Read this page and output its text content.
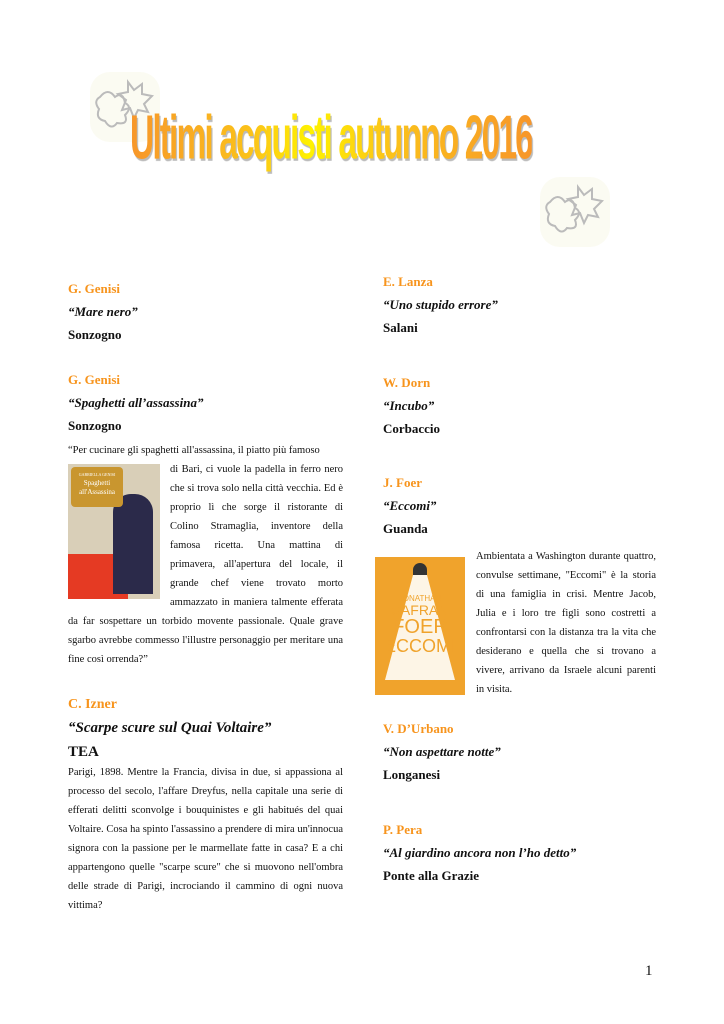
Ultimi acquisti autunno 2016
G. Genisi
“Mare nero”
Sonzogno
G. Genisi
“Spaghetti all’assassina”
Sonzogno
“Per cucinare gli spaghetti all'assassina, il piatto più famoso
GABRIELLA GENISI
Spaghetti all'Assassina
di Bari, ci vuole la padella in ferro nero che si trova solo nella città vecchia. Ed è proprio lì che sorge il ristorante di Colino Stramaglia, inventore della famosa ricetta. Una mattina di primavera, all'apertura del locale, il grande chef viene trovato morto ammazzato in maniera talmente efferata da far sospettare un torbido movente passionale. Quale grave sgarbo avrebbe commesso l'illustre personaggio per meritare una fine così orrenda?”
C. Izner
“Scarpe scure sul Quai Voltaire”
TEA
Parigi, 1898. Mentre la Francia, divisa in due, si appassiona al processo del secolo, l'affare Dreyfus, nella capitale una serie di efferati delitti sconvolge i bouquinistes e gli habitués del quai Voltaire. Cosa ha spinto l'assassino a prendere di mira un'innocua signora con la passione per le marmellate fatte in casa? E a chi appartengono quelle "scarpe scure" che si muovono nell'ombra delle strade di Parigi, incrociando il cammino di ogni nuova vittima?
E. Lanza
“Uno stupido errore”
Salani
W. Dorn
“Incubo”
Corbaccio
J. Foer
“Eccomi”
Guanda
JONATHAN
SAFRAN
FOER
ECCOMI
Ambientata a Washington durante quattro, convulse settimane, "Eccomi" è la storia di una famiglia in crisi. Mentre Jacob, Julia e i loro tre figli sono costretti a confrontarsi con la distanza tra la vita che desiderano e quella che si trovano a vivere, arrivano da Israele alcuni parenti in visita.
V. D’Urbano
“Non aspettare notte”
Longanesi
P. Pera
“Al giardino ancora non l’ho detto”
Ponte alla Grazie
1
